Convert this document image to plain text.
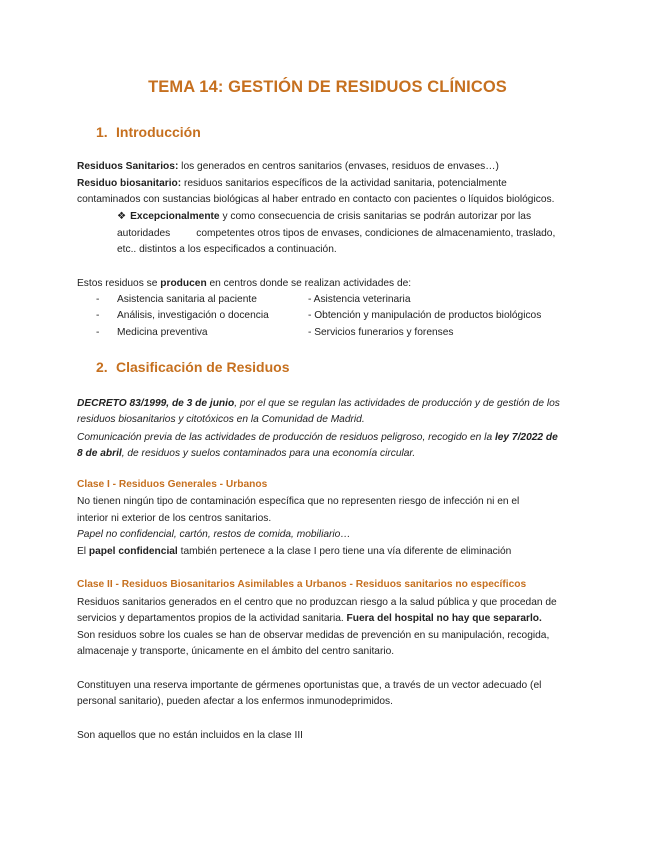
TEMA 14: GESTIÓN DE RESIDUOS CLÍNICOS
1. Introducción
Residuos Sanitarios: los generados en centros sanitarios (envases, residuos de envases…)
Residuo biosanitario: residuos sanitarios específicos de la actividad sanitaria, potencialmente
contaminados con sustancias biológicas al haber entrado en contacto con pacientes o líquidos biológicos.
❖ Excepcionalmente y como consecuencia de crisis sanitarias se podrán autorizar por las
autoridades	competentes otros tipos de envases, condiciones de almacenamiento, traslado,
etc.. distintos a los especificados a continuación.
Estos residuos se producen en centros donde se realizan actividades de:
- Asistencia sanitaria al paciente	- Asistencia veterinaria
- Análisis, investigación o docencia	- Obtención y manipulación de productos biológicos
- Medicina preventiva	- Servicios funerarios y forenses
2. Clasificación de Residuos
DECRETO 83/1999, de 3 de junio, por el que se regulan las actividades de producción y de gestión de los
residuos biosanitarios y citotóxicos en la Comunidad de Madrid.
Comunicación previa de las actividades de producción de residuos peligroso, recogido en la ley 7/2022 de
8 de abril, de residuos y suelos contaminados para una economía circular.
Clase I - Residuos Generales - Urbanos
No tienen ningún tipo de contaminación específica que no representen riesgo de infección ni en el
interior ni exterior de los centros sanitarios.
Papel no confidencial, cartón, restos de comida, mobiliario…
El papel confidencial también pertenece a la clase I pero tiene una vía diferente de eliminación
Clase II - Residuos Biosanitarios Asimilables a Urbanos - Residuos sanitarios no específicos
Residuos sanitarios generados en el centro que no produzcan riesgo a la salud pública y que procedan de
servicios y departamentos propios de la actividad sanitaria. Fuera del hospital no hay que separarlo.
Son residuos sobre los cuales se han de observar medidas de prevención en su manipulación, recogida,
almacenaje y transporte, únicamente en el ámbito del centro sanitario.
Constituyen una reserva importante de gérmenes oportunistas que, a través de un vector adecuado (el
personal sanitario), pueden afectar a los enfermos inmunodeprimidos.
Son aquellos que no están incluidos en la clase III
